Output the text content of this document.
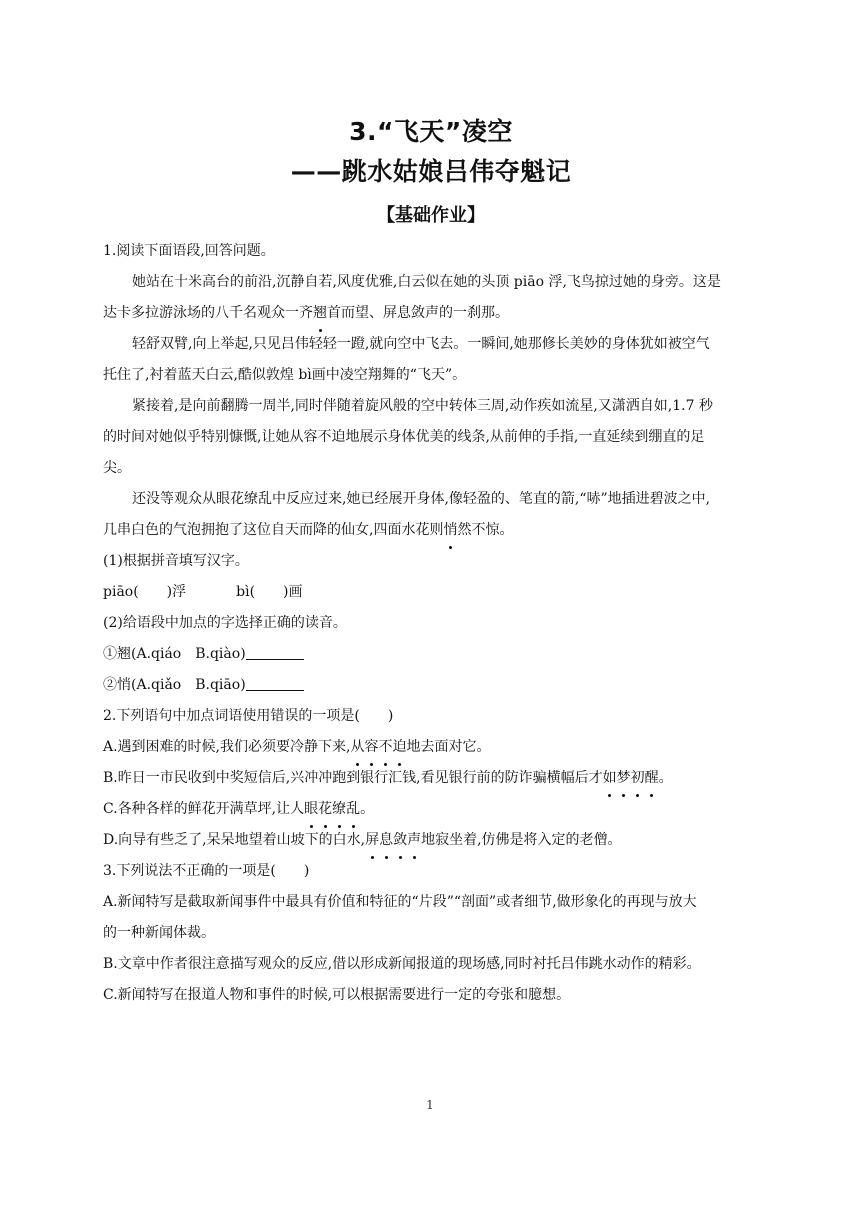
3.“飞天”凌空
——跳水姑娘吕伟夺魁记
【基础作业】

1.阅读下面语段,回答问题。

她站在十米高台的前沿,沉静自若,风度优雅,白云似在她的头顶 piāo 浮,飞鸟掠过她的身旁。这是

达卡多拉游泳场的八千名观众一齐翘首而望、屏息敛声的一刹那。

轻舒双臂,向上举起,只见吕伟轻轻一蹬,就向空中飞去。一瞬间,她那修长美妙的身体犹如被空气

托住了,衬着蓝天白云,酷似敦煌 bì画中凌空翔舞的“飞天”。

紧接着,是向前翻腾一周半,同时伴随着旋风般的空中转体三周,动作疾如流星,又潇洒自如,1.7 秒

的时间对她似乎特别慷慨,让她从容不迫地展示身体优美的线条,从前伸的手指,一直延续到绷直的足

尖。

还没等观众从眼花缭乱中反应过来,她已经展开身体,像轻盈的、笔直的箭,“哧”地插进碧波之中,

几串白色的气泡拥抱了这位自天而降的仙女,四面水花则悄然不惊。

(1)根据拼音填写汉字。

piāo(　　)浮	bì(　　)画

(2)给语段中加点的字选择正确的读音。

①翘(A.qiáo　B.qiào)

②悄(A.qiǎo　B.qiāo)

2.下列语句中加点词语使用错误的一项是(　　)

A.遇到困难的时候,我们必须要冷静下来,从容不迫地去面对它。

B.昨日一市民收到中奖短信后,兴冲冲跑到银行汇钱,看见银行前的防诈骗横幅后才如梦初醒。

C.各种各样的鲜花开满草坪,让人眼花缭乱。

D.向导有些乏了,呆呆地望着山坡下的白水,屏息敛声地寂坐着,仿佛是将入定的老僧。

3.下列说法不正确的一项是(　　)

A.新闻特写是截取新闻事件中最具有价值和特征的“片段”“剖面”或者细节,做形象化的再现与放大

的一种新闻体裁。

B.文章中作者很注意描写观众的反应,借以形成新闻报道的现场感,同时衬托吕伟跳水动作的精彩。

C.新闻特写在报道人物和事件的时候,可以根据需要进行一定的夸张和臆想。

1
